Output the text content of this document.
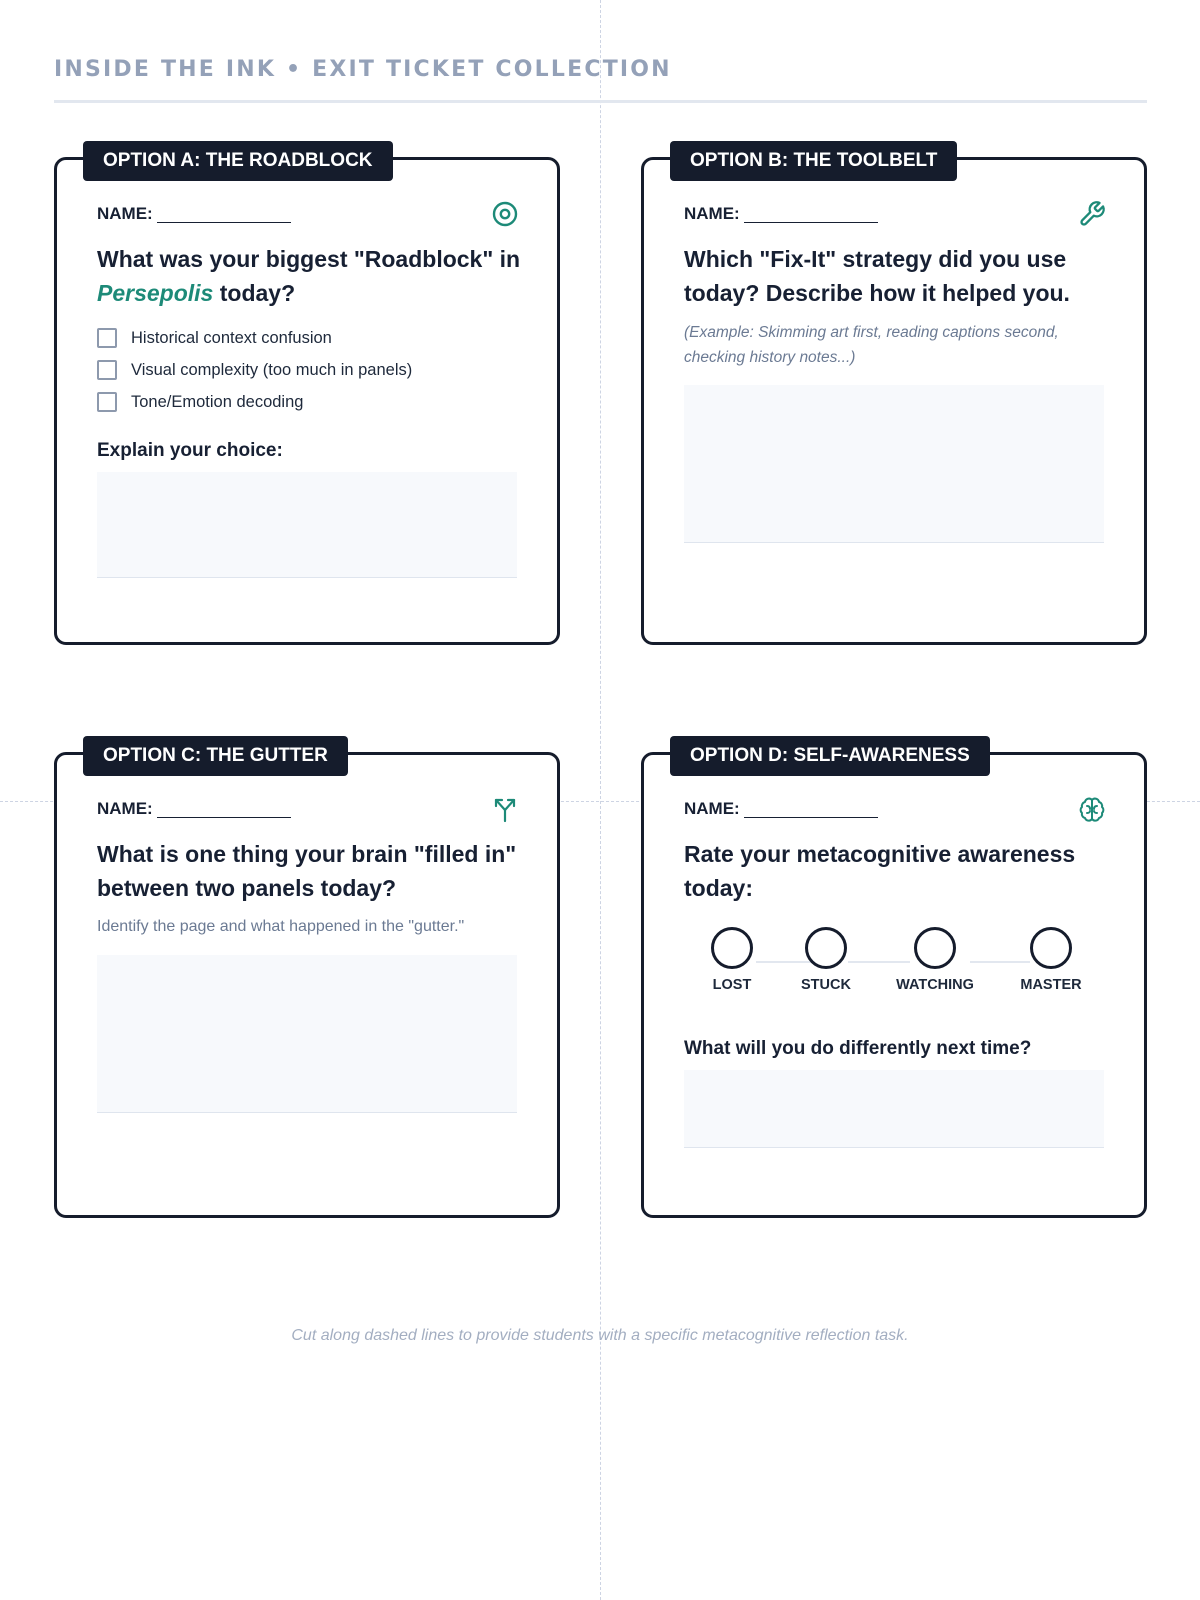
INSIDE THE INK • EXIT TICKET COLLECTION
OPTION A: THE ROADBLOCK
NAME:
What was your biggest "Roadblock" in Persepolis today?
Historical context confusion
Visual complexity (too much in panels)
Tone/Emotion decoding
Explain your choice:
OPTION B: THE TOOLBELT
NAME:
Which "Fix-It" strategy did you use today? Describe how it helped you.
(Example: Skimming art first, reading captions second, checking history notes...)
OPTION C: THE GUTTER
NAME:
What is one thing your brain "filled in" between two panels today?
Identify the page and what happened in the "gutter."
OPTION D: SELF-AWARENESS
NAME:
Rate your metacognitive awareness today:
LOST	STUCK	WATCHING	MASTER
What will you do differently next time?
Cut along dashed lines to provide students with a specific metacognitive reflection task.
